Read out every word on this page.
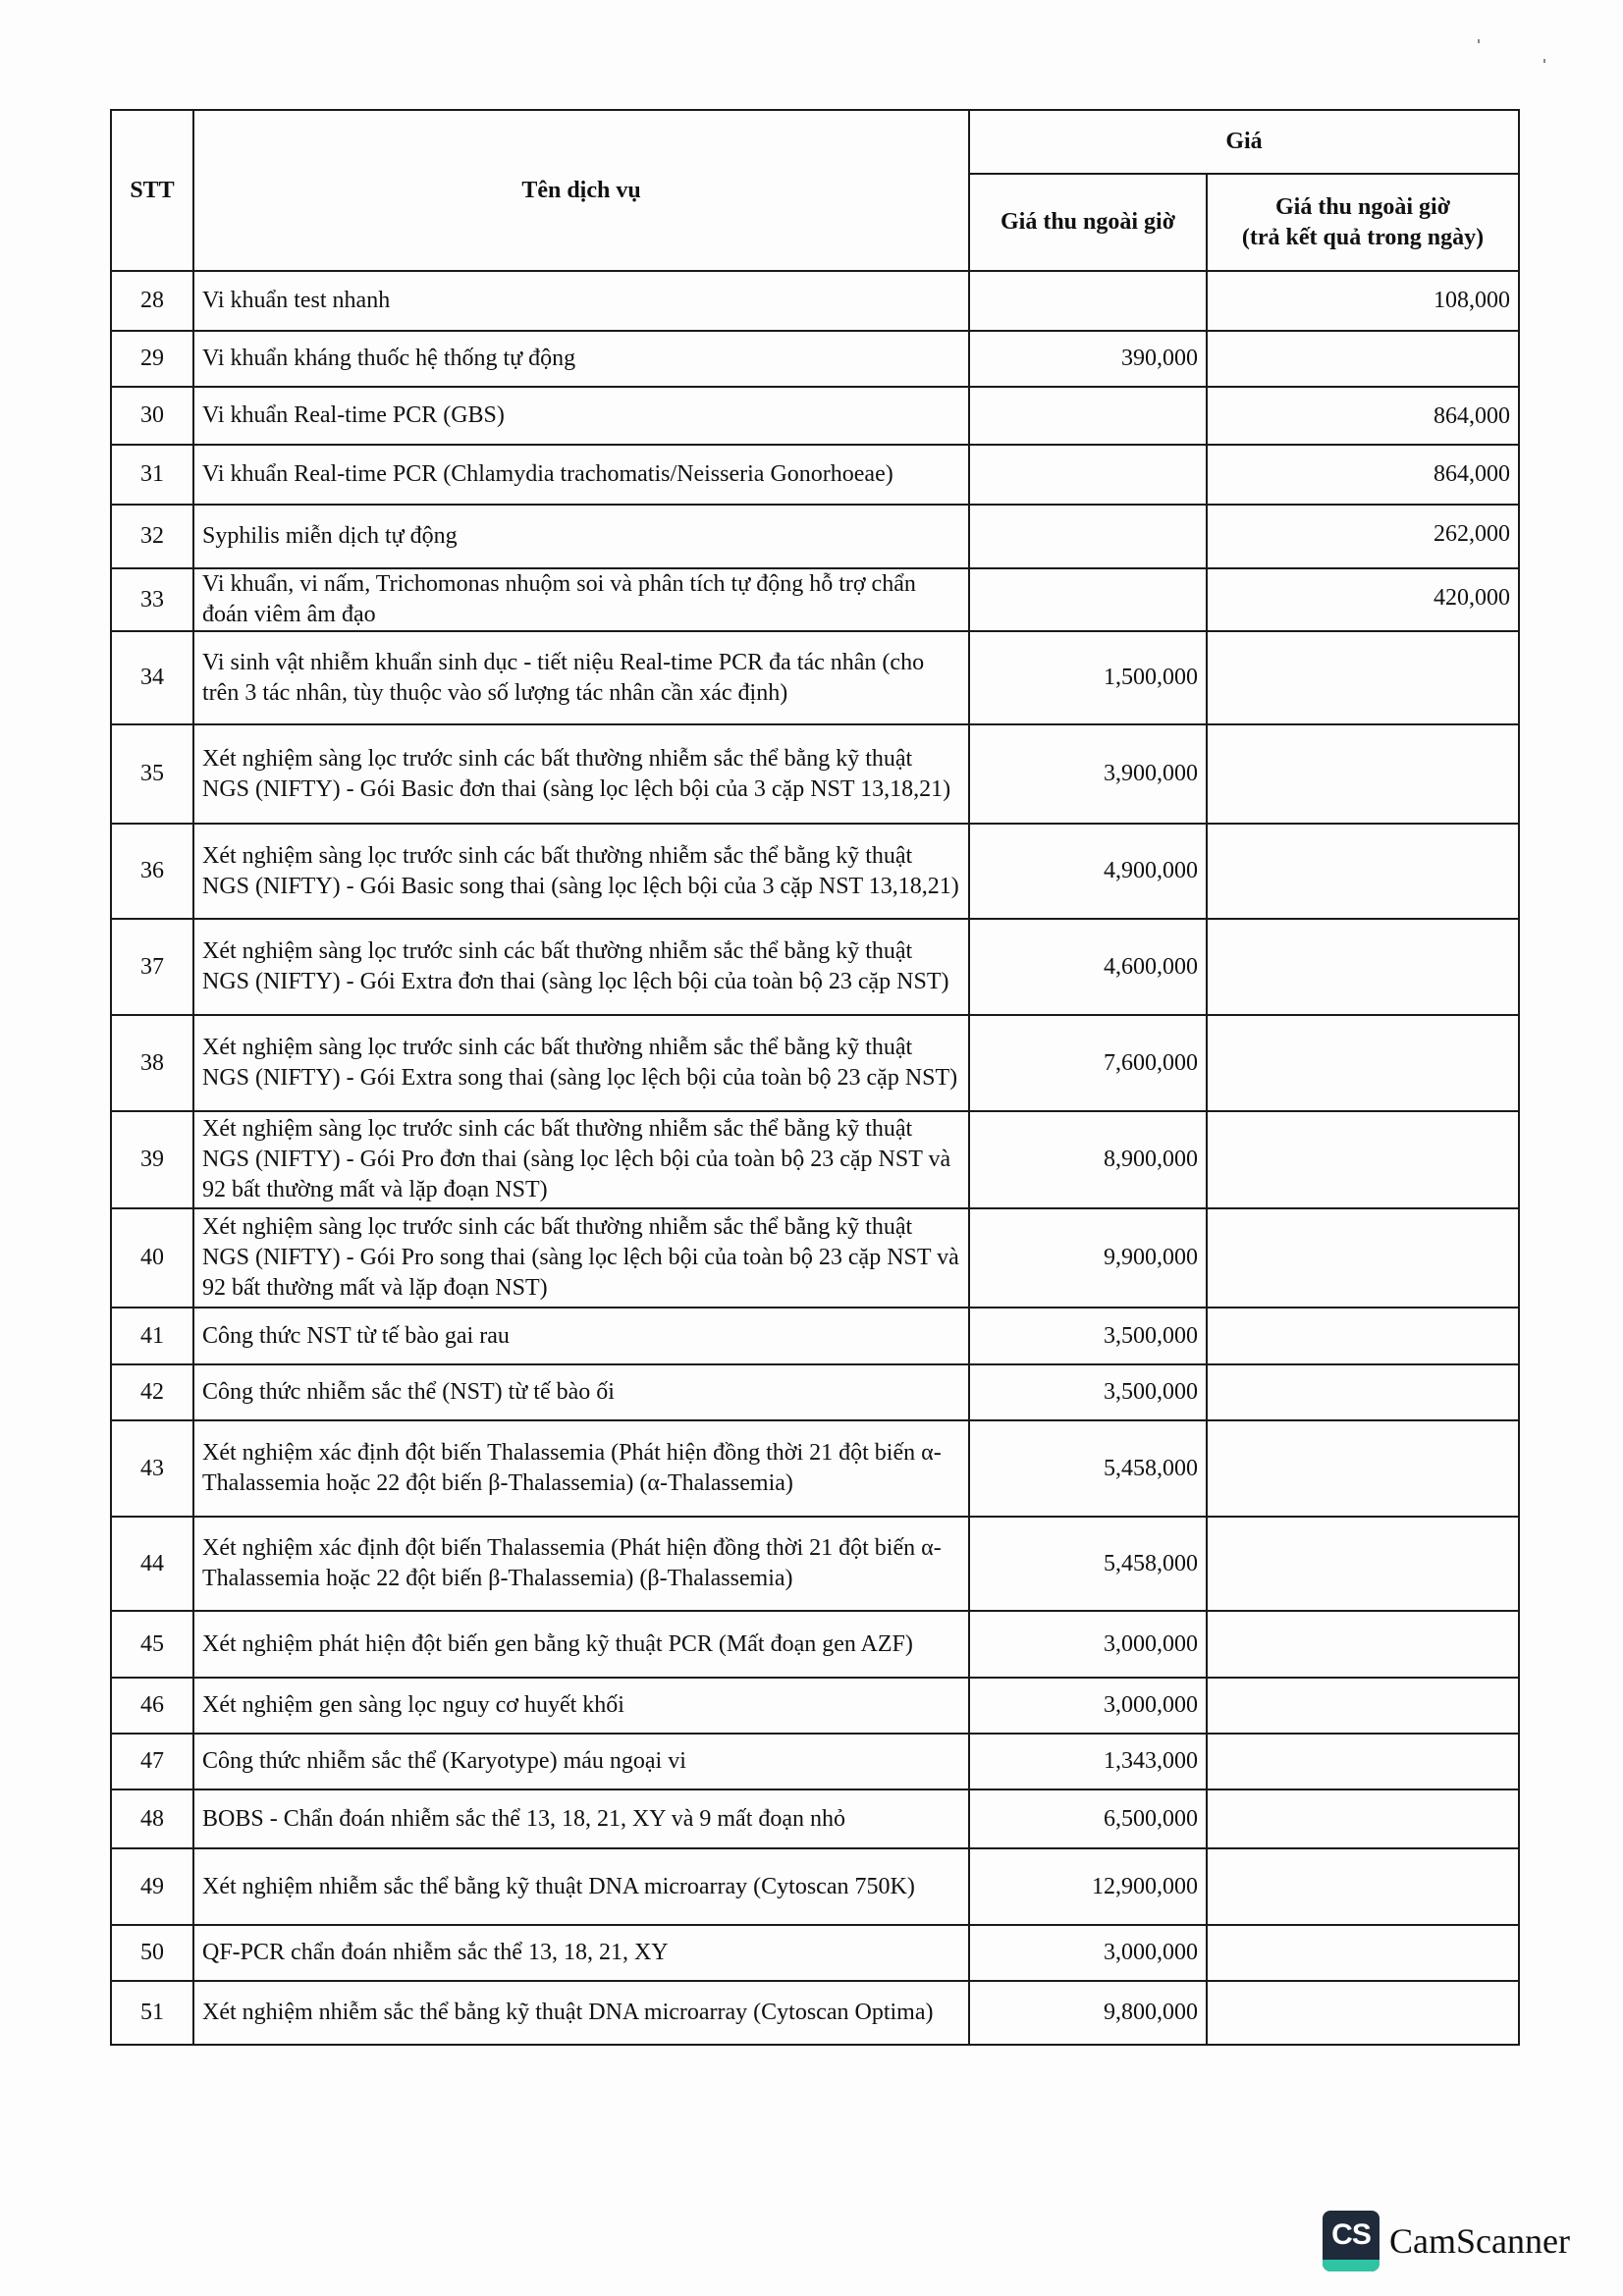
STT	Tên dịch vụ	Giá	
		Giá thu ngoài giờ	Giá thu ngoài giờ
(trả kết quả trong ngày)

28	Vi khuẩn test nhanh		108,000
29	Vi khuẩn kháng thuốc hệ thống tự động	390,000	
30	Vi khuẩn Real-time PCR (GBS)		864,000
31	Vi khuẩn Real-time PCR (Chlamydia trachomatis/Neisseria Gonorhoeae)		864,000
32	Syphilis miễn dịch tự động		262,000
33	Vi khuẩn, vi nấm, Trichomonas nhuộm soi và phân tích tự động hỗ trợ chẩn đoán viêm âm đạo		420,000
34	Vi sinh vật nhiễm khuẩn sinh dục - tiết niệu Real-time PCR đa tác nhân (cho trên 3 tác nhân, tùy thuộc vào số lượng tác nhân cần xác định)	1,500,000	
35	Xét nghiệm sàng lọc trước sinh các bất thường nhiễm sắc thể bằng kỹ thuật NGS (NIFTY) - Gói Basic đơn thai (sàng lọc lệch bội của 3 cặp NST 13,18,21)	3,900,000	
36	Xét nghiệm sàng lọc trước sinh các bất thường nhiễm sắc thể bằng kỹ thuật NGS (NIFTY) - Gói Basic song thai (sàng lọc lệch bội của 3 cặp NST 13,18,21)	4,900,000	
37	Xét nghiệm sàng lọc trước sinh các bất thường nhiễm sắc thể bằng kỹ thuật NGS (NIFTY) - Gói Extra đơn thai (sàng lọc lệch bội của toàn bộ 23 cặp NST)	4,600,000	
38	Xét nghiệm sàng lọc trước sinh các bất thường nhiễm sắc thể bằng kỹ thuật NGS (NIFTY) - Gói Extra song thai (sàng lọc lệch bội của toàn bộ 23 cặp NST)	7,600,000	
39	Xét nghiệm sàng lọc trước sinh các bất thường nhiễm sắc thể bằng kỹ thuật NGS (NIFTY) - Gói Pro đơn thai (sàng lọc lệch bội của toàn bộ 23 cặp NST và 92 bất thường mất và lặp đoạn NST)	8,900,000	
40	Xét nghiệm sàng lọc trước sinh các bất thường nhiễm sắc thể bằng kỹ thuật NGS (NIFTY) - Gói Pro song thai (sàng lọc lệch bội của toàn bộ 23 cặp NST và 92 bất thường mất và lặp đoạn NST)	9,900,000	
41	Công thức NST từ tế bào gai rau	3,500,000	
42	Công thức nhiễm sắc thể (NST) từ tế bào ối	3,500,000	
43	Xét nghiệm xác định đột biến Thalassemia (Phát hiện đồng thời 21 đột biến α-Thalassemia hoặc 22 đột biến β-Thalassemia) (α-Thalassemia)	5,458,000	
44	Xét nghiệm xác định đột biến Thalassemia (Phát hiện đồng thời 21 đột biến α-Thalassemia hoặc 22 đột biến β-Thalassemia) (β-Thalassemia)	5,458,000	
45	Xét nghiệm phát hiện đột biến gen bằng kỹ thuật PCR (Mất đoạn gen AZF)	3,000,000	
46	Xét nghiệm gen sàng lọc nguy cơ huyết khối	3,000,000	
47	Công thức nhiễm sắc thể (Karyotype) máu ngoại vi	1,343,000	
48	BOBS - Chẩn đoán nhiễm sắc thể 13, 18, 21, XY và 9 mất đoạn nhỏ	6,500,000	
49	Xét nghiệm nhiễm sắc thể bằng kỹ thuật DNA microarray (Cytoscan 750K)	12,900,000	
50	QF-PCR chẩn đoán nhiễm sắc thể 13, 18, 21, XY	3,000,000	
51	Xét nghiệm nhiễm sắc thể bằng kỹ thuật DNA microarray (Cytoscan Optima)	9,800,000	
CS CamScanner
